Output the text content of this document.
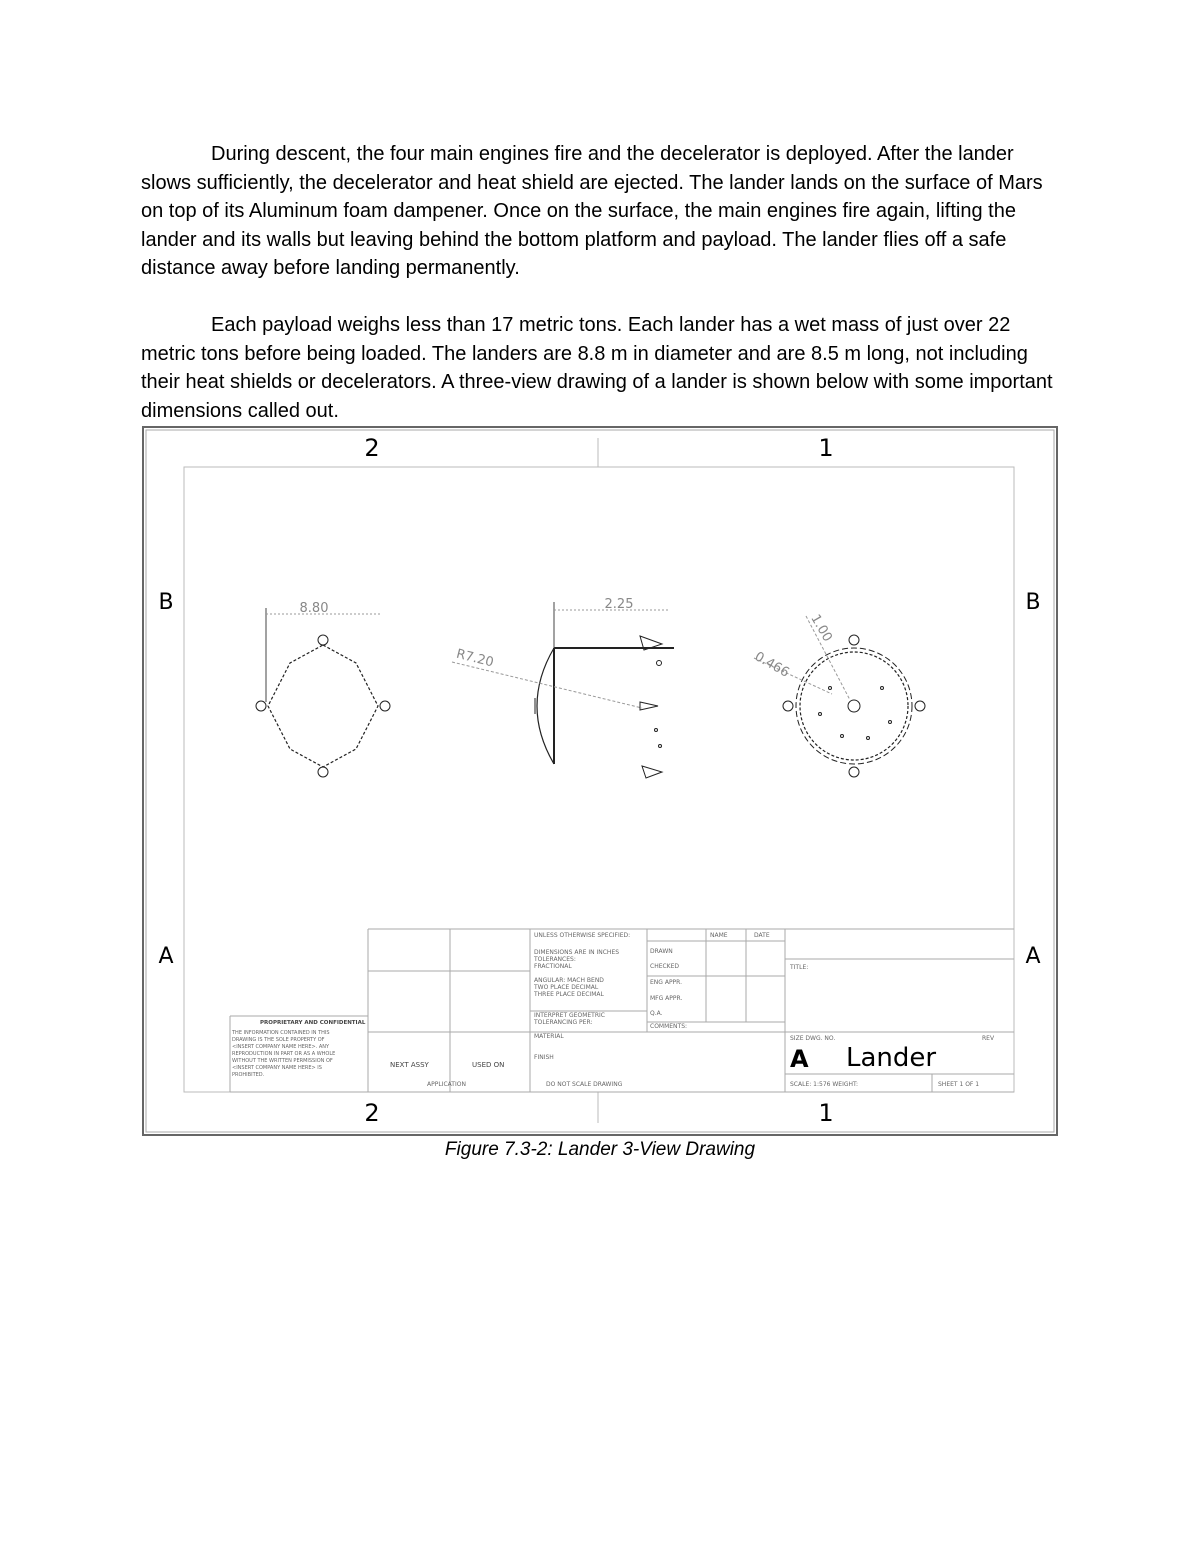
During descent, the four main engines fire and the decelerator is deployed. After the lander slows sufficiently, the decelerator and heat shield are ejected. The lander lands on the surface of Mars on top of its Aluminum foam dampener. Once on the surface, the main engines fire again, lifting the lander and its walls but leaving behind the bottom platform and payload. The lander flies off a safe distance away before landing permanently.

Each payload weighs less than 17 metric tons. Each lander has a wet mass of just over 22 metric tons before being loaded. The landers are 8.8 m in diameter and are 8.5 m long, not including their heat shields or decelerators. A three-view drawing of a lander is shown below with some important dimensions called out.

2	1
2	1
B	B
A	A
8.80	2.25
R7.20
1.00
0.466
UNLESS OTHERWISE SPECIFIED:	NAME	DATE
DIMENSIONS ARE IN INCHES
TOLERANCES:
FRACTIONAL
ANGULAR: MACH BEND
TWO PLACE DECIMAL
THREE PLACE DECIMAL
DRAWN
CHECKED
ENG APPR.
MFG APPR.
Q.A.
COMMENTS:
INTERPRET GEOMETRIC
TOLERANCING PER:
MATERIAL
FINISH
NEXT ASSY	USED ON
APPLICATION	DO NOT SCALE DRAWING
TITLE:
SIZE DWG. NO.	REV
SCALE: 1:576 WEIGHT:	SHEET 1 OF 1
PROPRIETARY AND CONFIDENTIAL
THE INFORMATION CONTAINED IN THIS
DRAWING IS THE SOLE PROPERTY OF
<INSERT COMPANY NAME HERE>. ANY
REPRODUCTION IN PART OR AS A WHOLE
WITHOUT THE WRITTEN PERMISSION OF
<INSERT COMPANY NAME HERE> IS
PROHIBITED.
A Lander
Figure 7.3-2: Lander 3-View Drawing
